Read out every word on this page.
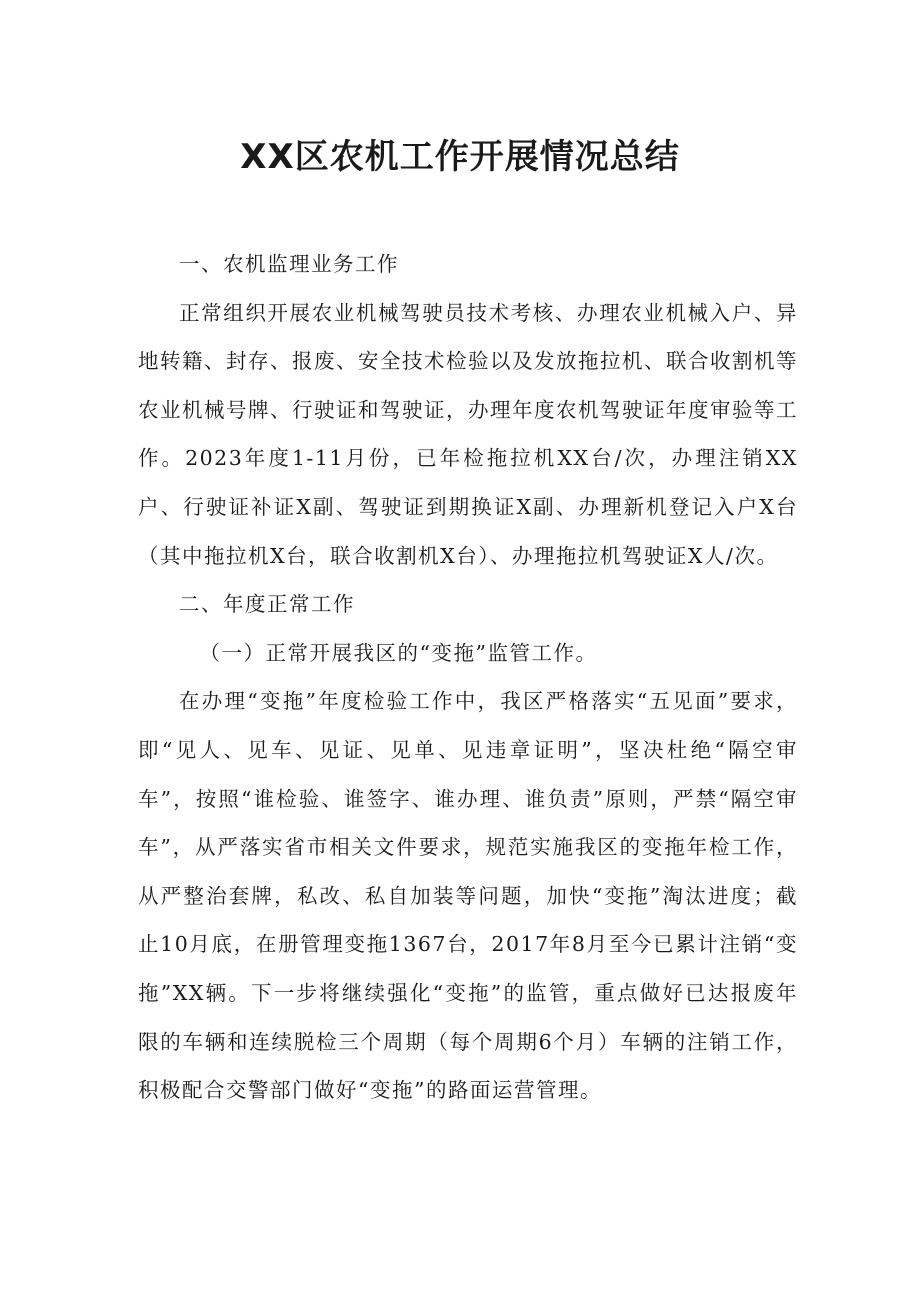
XX区农机工作开展情况总结

一、农机监理业务工作

正常组织开展农业机械驾驶员技术考核、办理农业机械入户、异地转籍、封存、报废、安全技术检验以及发放拖拉机、联合收割机等农业机械号牌、行驶证和驾驶证，办理年度农机驾驶证年度审验等工作。2023年度1-11月份，已年检拖拉机XX台/次，办理注销XX户、行驶证补证X副、驾驶证到期换证X副、办理新机登记入户X台（其中拖拉机X台，联合收割机X台）、办理拖拉机驾驶证X人/次。

二、年度正常工作

（一）正常开展我区的“变拖”监管工作。

在办理“变拖”年度检验工作中，我区严格落实“五见面”要求，即“见人、见车、见证、见单、见违章证明”，坚决杜绝“隔空审车”，按照“谁检验、谁签字、谁办理、谁负责”原则，严禁“隔空审车”，从严落实省市相关文件要求，规范实施我区的变拖年检工作，从严整治套牌，私改、私自加装等问题，加快“变拖”淘汰进度；截止10月底，在册管理变拖1367台，2017年8月至今已累计注销“变拖”XX辆。下一步将继续强化“变拖”的监管，重点做好已达报废年限的车辆和连续脱检三个周期（每个周期6个月）车辆的注销工作，积极配合交警部门做好“变拖”的路面运营管理。
